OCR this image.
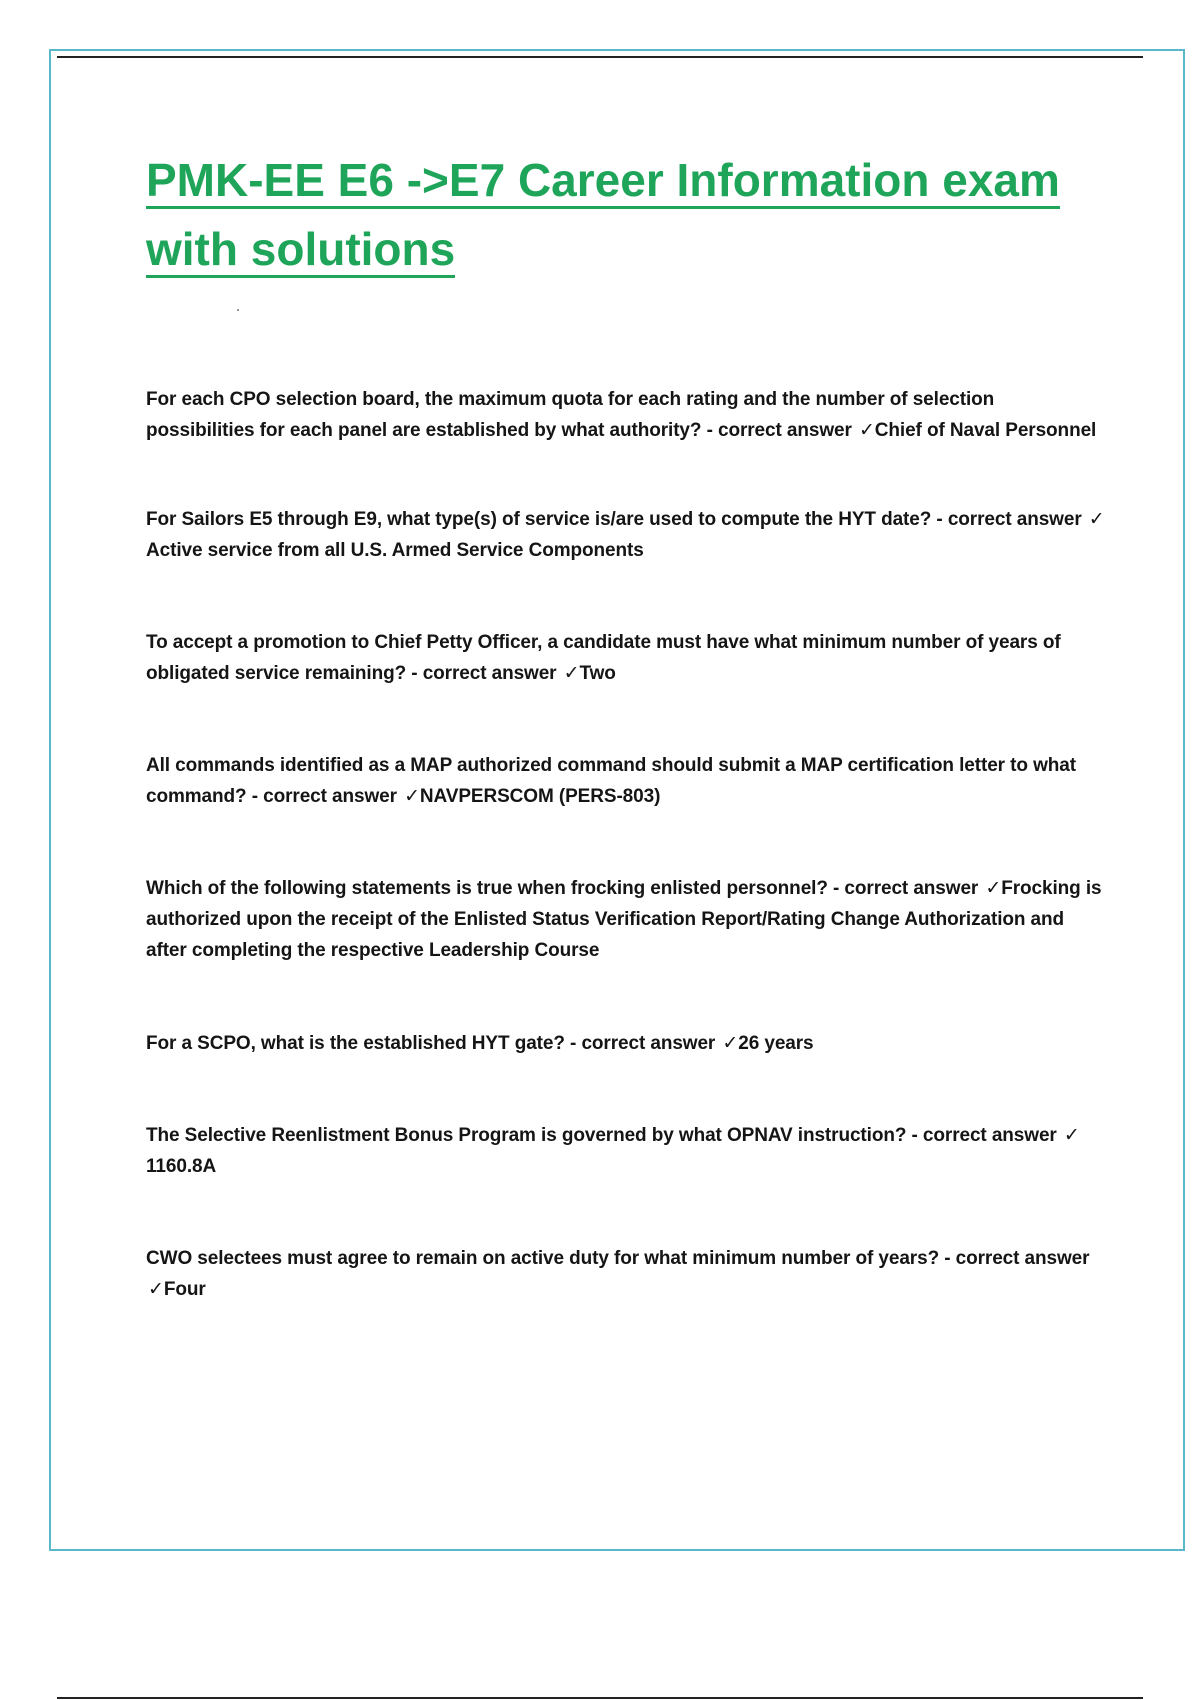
PMK-EE E6 ->E7 Career Information exam with solutions

For each CPO selection board, the maximum quota for each rating and the number of selection possibilities for each panel are established by what authority? - correct answer ✓Chief of Naval Personnel

For Sailors E5 through E9, what type(s) of service is/are used to compute the HYT date? - correct answer ✓Active service from all U.S. Armed Service Components

To accept a promotion to Chief Petty Officer, a candidate must have what minimum number of years of obligated service remaining? - correct answer ✓Two

All commands identified as a MAP authorized command should submit a MAP certification letter to what command? - correct answer ✓NAVPERSCOM (PERS-803)

Which of the following statements is true when frocking enlisted personnel? - correct answer ✓Frocking is authorized upon the receipt of the Enlisted Status Verification Report/Rating Change Authorization and after completing the respective Leadership Course

For a SCPO, what is the established HYT gate? - correct answer ✓26 years

The Selective Reenlistment Bonus Program is governed by what OPNAV instruction? - correct answer ✓1160.8A

CWO selectees must agree to remain on active duty for what minimum number of years? - correct answer ✓Four
